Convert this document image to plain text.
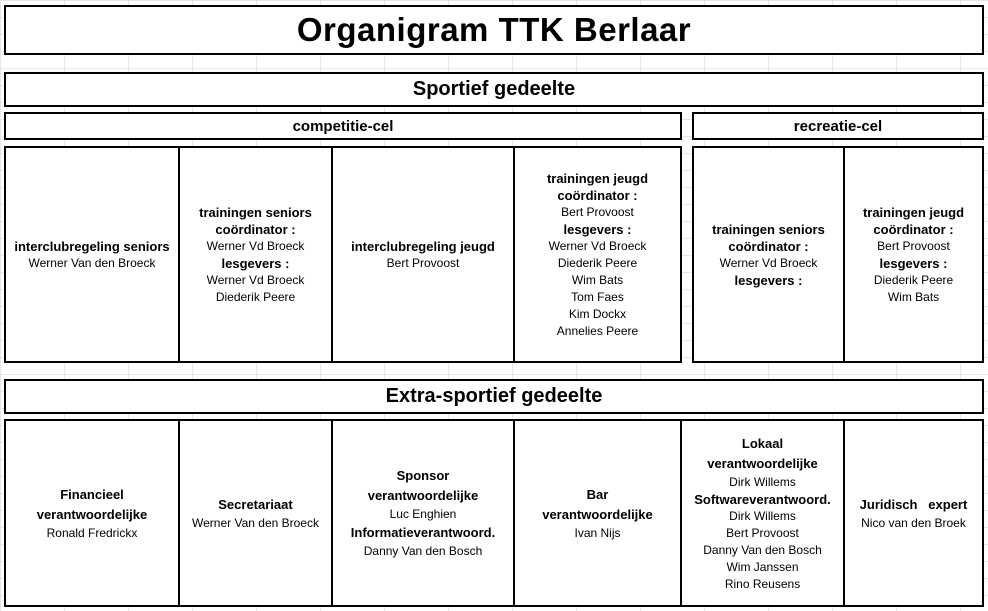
Organigram TTK Berlaar
Sportief gedeelte
competitie-cel	recreatie-cel
interclubregeling seniors
Werner Van den Broeck
trainingen seniors
coördinator :
Werner Vd Broeck
lesgevers :
Werner Vd Broeck
Diederik Peere
interclubregeling jeugd
Bert Provoost
trainingen jeugd
coördinator :
Bert Provoost
lesgevers :
Werner Vd Broeck
Diederik Peere
Wim Bats
Tom Faes
Kim Dockx
Annelies Peere
trainingen seniors
coördinator :
Werner Vd Broeck
lesgevers :
trainingen jeugd
coördinator :
Bert Provoost
lesgevers :
Diederik Peere
Wim Bats
Extra-sportief gedeelte
Financieel
verantwoordelijke
Ronald Fredrickx
Secretariaat
Werner Van den Broeck
Sponsor
verantwoordelijke
Luc Enghien
Informatieverantwoord.
Danny Van den Bosch
Bar
verantwoordelijke
Ivan Nijs
Lokaal
verantwoordelijke
Dirk Willems
Softwareverantwoord.
Dirk Willems
Bert Provoost
Danny Van den Bosch
Wim Janssen
Rino Reusens
Juridisch   expert
Nico van den Broek
